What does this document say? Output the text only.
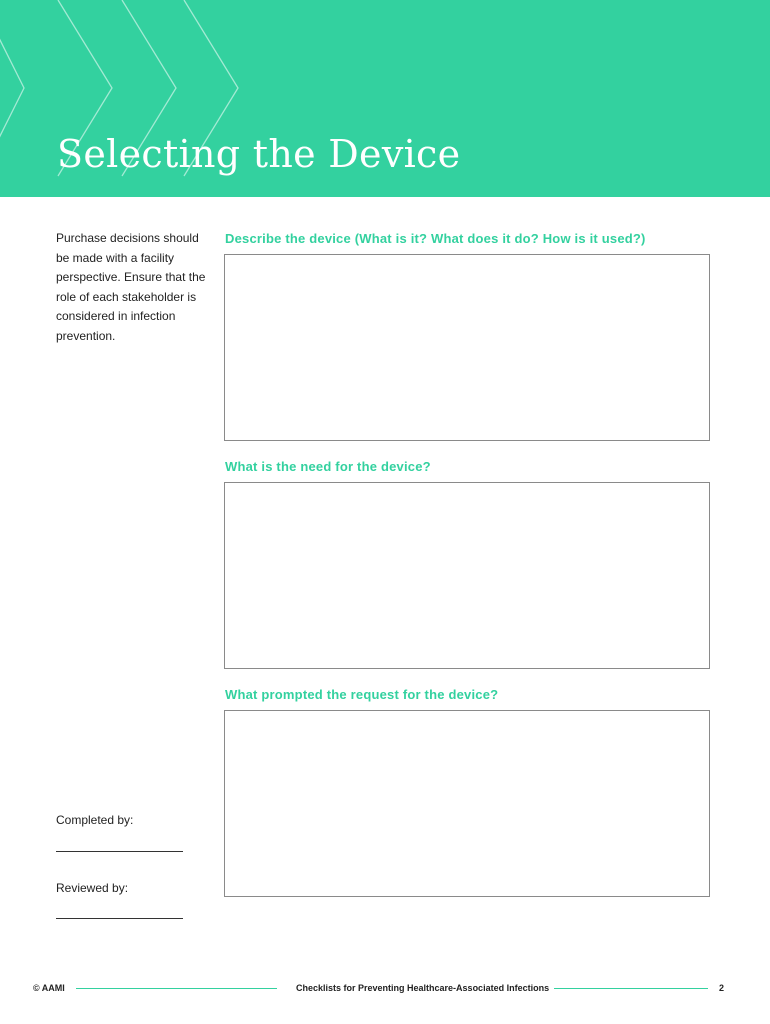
Selecting the Device

Purchase decisions should be made with a facility perspective. Ensure that the role of each stakeholder is considered in infection prevention.

Completed by:

Reviewed by:

Describe the device (What is it? What does it do? How is it used?)

What is the need for the device?

What prompted the request for the device?

© AAMI	Checklists for Preventing Healthcare-Associated Infections	2
